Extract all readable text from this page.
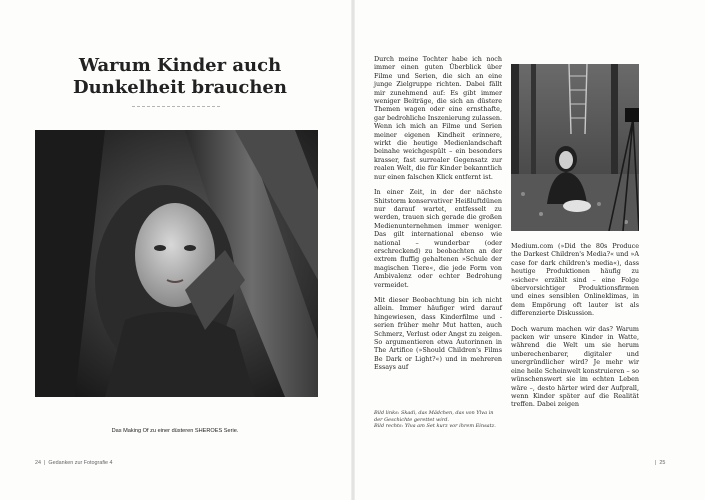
Warum Kinder auch Dunkelheit brauchen
Das Making Of zu einer düsteren SHEROES Serie.
24 | Gedanken zur Fotografie 4

Durch meine Tochter habe ich noch immer einen guten Überblick über Filme und Serien, die sich an eine junge Zielgruppe richten. Dabei fällt mir zunehmend auf: Es gibt immer weniger Beiträge, die sich an düstere Themen wagen oder eine ernsthafte, gar bedrohliche Inszenierung zulassen. Wenn ich mich an Filme und Serien meiner eigenen Kindheit erinnere, wirkt die heutige Medienlandschaft beinahe weichgespült – ein besonders krasser, fast surrealer Gegensatz zur realen Welt, die für Kinder bekanntlich nur einen falschen Klick entfernt ist.

In einer Zeit, in der der nächste Shitstorm konservativer Heißluftdünen nur darauf wartet, entfesselt zu werden, trauen sich gerade die großen Medienunternehmen immer weniger. Das gilt international ebenso wie national – wunderbar (oder erschreckend) zu beobachten an der extrem fluffig gehaltenen »Schule der magischen Tiere«, die jede Form von Ambivalenz oder echter Bedrohung vermeidet.

Mit dieser Beobachtung bin ich nicht allein. Immer häufiger wird darauf hingewiesen, dass Kinderfilme und -serien früher mehr Mut hatten, auch Schmerz, Verlust oder Angst zu zeigen. So argumentieren etwa Autorinnen in The Artifice (»Should Children's Films Be Dark or Light?«) und in mehreren Essays auf

Bild links: Skadi, das Mädchen, das von Ylva in der Geschichte gerettet wird.
Bild rechts: Ylva am Set kurz vor ihrem Einsatz.

Medium.com (»Did the 80s Produce the Darkest Children's Media?« und »A case for dark children's media«), dass heutige Produktionen häufig zu »sicher« erzählt sind – eine Folge übervorsichtiger Produktionsfirmen und eines sensiblen Onlineklimas, in dem Empörung oft lauter ist als differenzierte Diskussion.

Doch warum machen wir das? Warum packen wir unsere Kinder in Watte, während die Welt um sie herum unberechenbarer, digitaler und unergründlicher wird? Je mehr wir eine heile Scheinwelt konstruieren – so wünschenswert sie im echten Leben wäre –, desto härter wird der Aufprall, wenn Kinder später auf die Realität treffen. Dabei zeigen

| 25
